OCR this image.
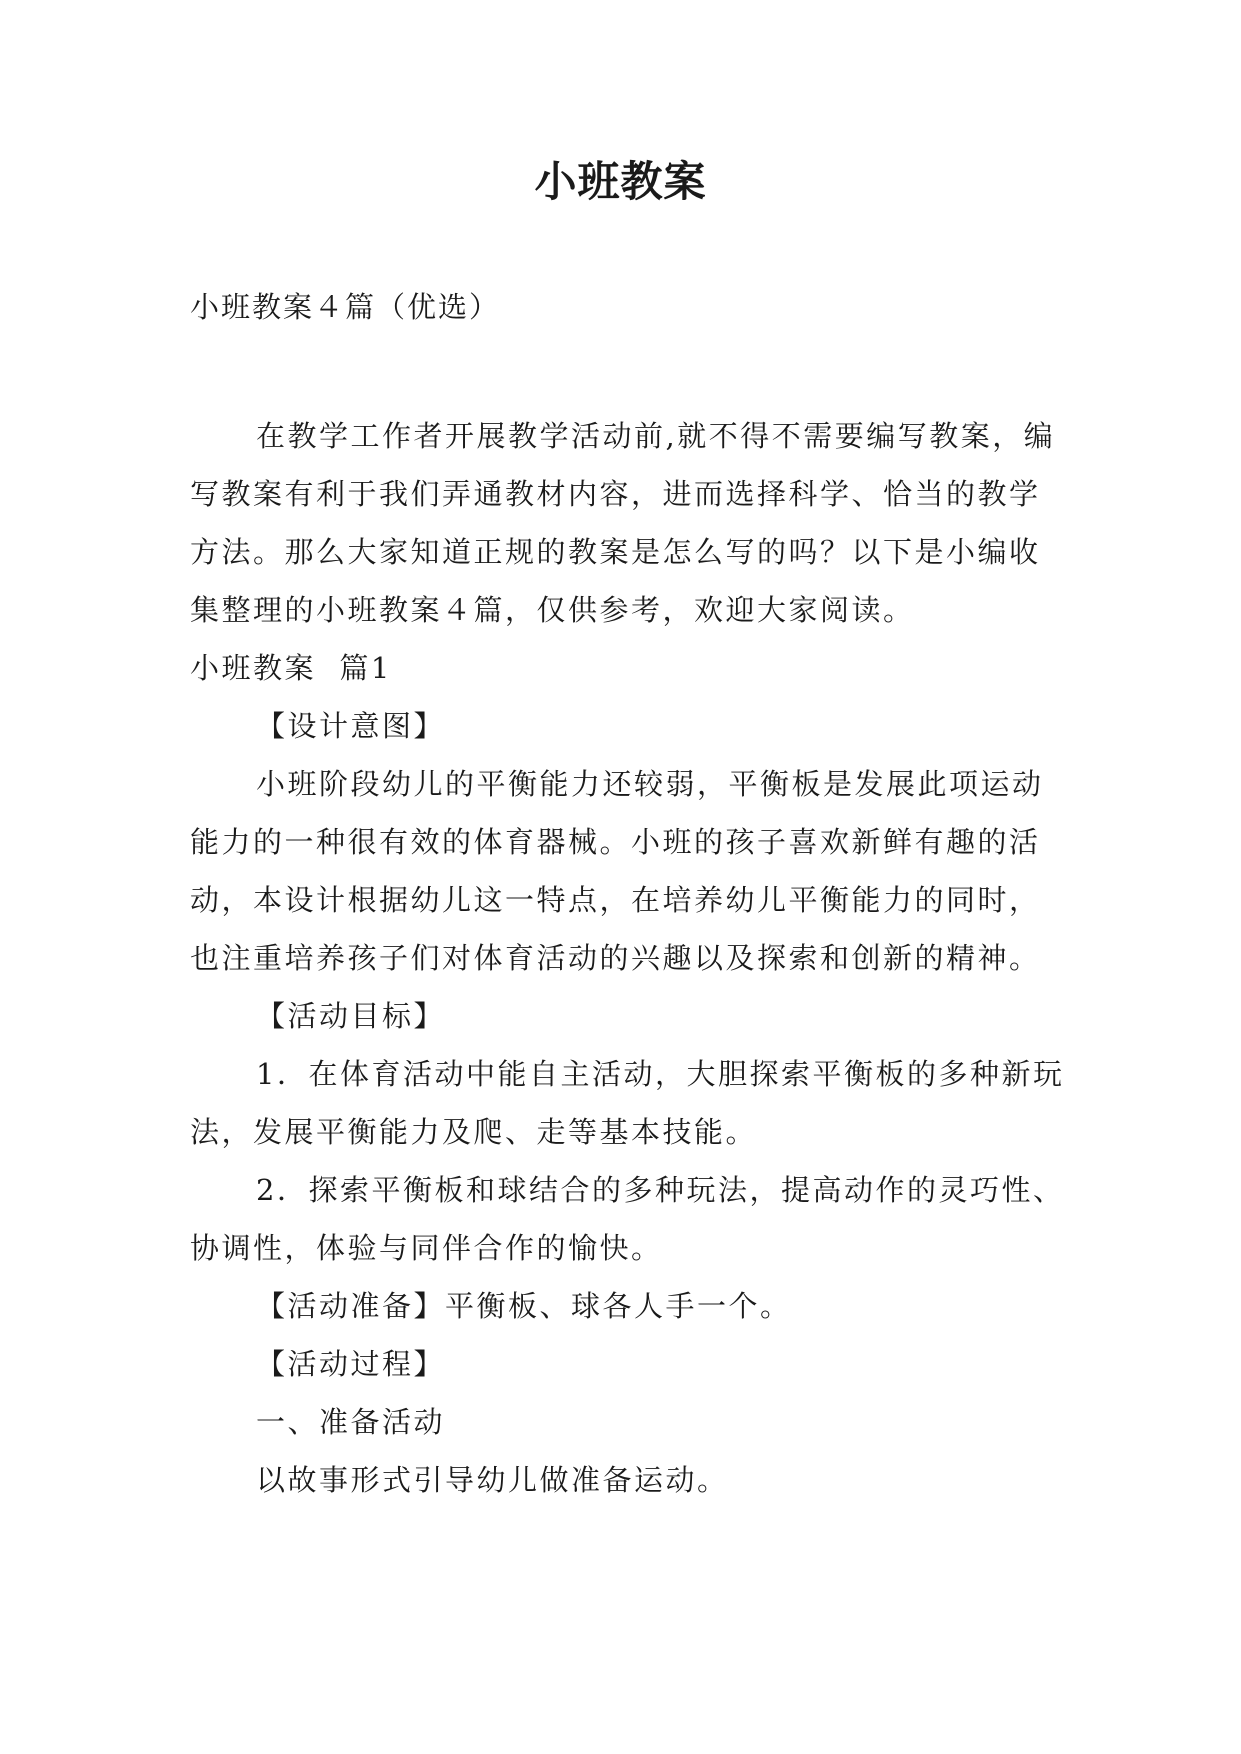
小班教案
小班教案４篇（优选）

在教学工作者开展教学活动前,就不得不需要编写教案，编写教案有利于我们弄通教材内容，进而选择科学、恰当的教学方法。那么大家知道正规的教案是怎么写的吗？以下是小编收集整理的小班教案４篇，仅供参考，欢迎大家阅读。

小班教案  篇1

【设计意图】

小班阶段幼儿的平衡能力还较弱，平衡板是发展此项运动能力的一种很有效的体育器械。小班的孩子喜欢新鲜有趣的活动，本设计根据幼儿这一特点，在培养幼儿平衡能力的同时，也注重培养孩子们对体育活动的兴趣以及探索和创新的精神。

【活动目标】

1．在体育活动中能自主活动，大胆探索平衡板的多种新玩法，发展平衡能力及爬、走等基本技能。

2．探索平衡板和球结合的多种玩法，提高动作的灵巧性、协调性，体验与同伴合作的愉快。

【活动准备】平衡板、球各人手一个。

【活动过程】

一、准备活动

以故事形式引导幼儿做准备运动。
